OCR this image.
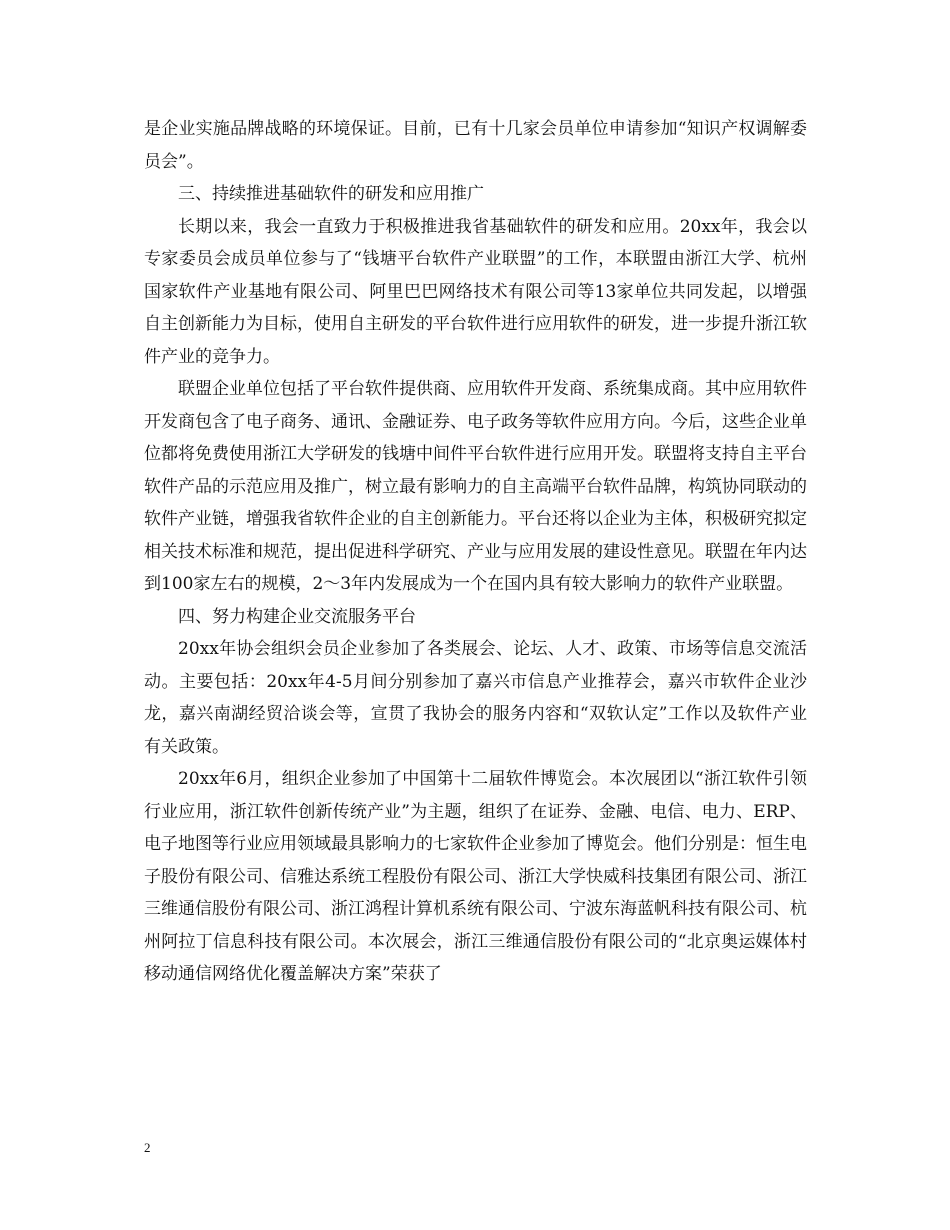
是企业实施品牌战略的环境保证。目前，已有十几家会员单位申请参加“知识产权调解委员会”。

三、持续推进基础软件的研发和应用推广

长期以来，我会一直致力于积极推进我省基础软件的研发和应用。20xx年，我会以专家委员会成员单位参与了“钱塘平台软件产业联盟”的工作，本联盟由浙江大学、杭州国家软件产业基地有限公司、阿里巴巴网络技术有限公司等13家单位共同发起，以增强自主创新能力为目标，使用自主研发的平台软件进行应用软件的研发，进一步提升浙江软件产业的竞争力。

联盟企业单位包括了平台软件提供商、应用软件开发商、系统集成商。其中应用软件开发商包含了电子商务、通讯、金融证券、电子政务等软件应用方向。今后，这些企业单位都将免费使用浙江大学研发的钱塘中间件平台软件进行应用开发。联盟将支持自主平台软件产品的示范应用及推广，树立最有影响力的自主高端平台软件品牌，构筑协同联动的软件产业链，增强我省软件企业的自主创新能力。平台还将以企业为主体，积极研究拟定相关技术标准和规范，提出促进科学研究、产业与应用发展的建设性意见。联盟在年内达到100家左右的规模，2～3年内发展成为一个在国内具有较大影响力的软件产业联盟。

四、努力构建企业交流服务平台

20xx年协会组织会员企业参加了各类展会、论坛、人才、政策、市场等信息交流活动。主要包括：20xx年4-5月间分别参加了嘉兴市信息产业推荐会，嘉兴市软件企业沙龙，嘉兴南湖经贸洽谈会等，宣贯了我协会的服务内容和“双软认定”工作以及软件产业有关政策。

20xx年6月，组织企业参加了中国第十二届软件博览会。本次展团以“浙江软件引领行业应用，浙江软件创新传统产业”为主题，组织了在证券、金融、电信、电力、ERP、电子地图等行业应用领域最具影响力的七家软件企业参加了博览会。他们分别是：恒生电子股份有限公司、信雅达系统工程股份有限公司、浙江大学快威科技集团有限公司、浙江三维通信股份有限公司、浙江鸿程计算机系统有限公司、宁波东海蓝帆科技有限公司、杭州阿拉丁信息科技有限公司。本次展会，浙江三维通信股份有限公司的“北京奥运媒体村移动通信网络优化覆盖解决方案”荣获了

2
